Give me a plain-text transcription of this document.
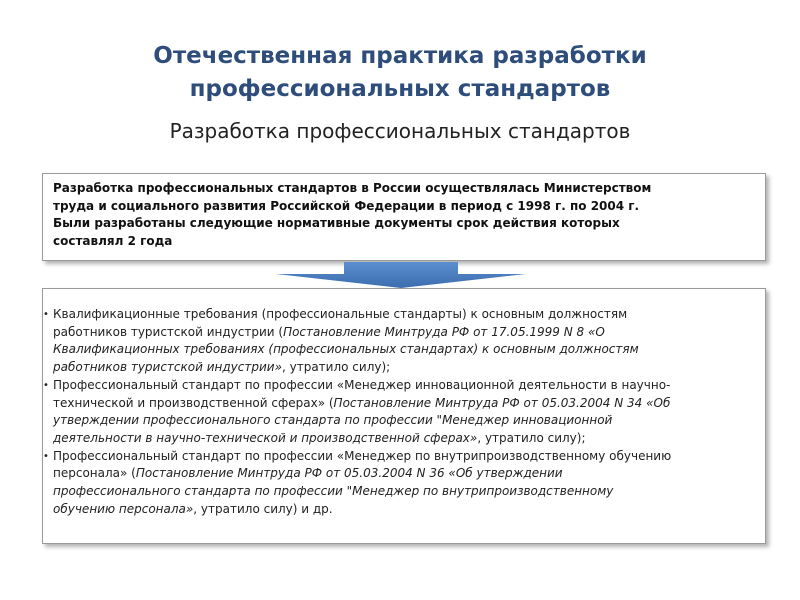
Отечественная практика разработки
профессиональных стандартов
Разработка профессиональных стандартов

Разработка профессиональных стандартов в России осуществлялась Министерством

труда и социального развития Российской Федерации в период с 1998 г. по 2004 г.

Были разработаны следующие нормативные документы срок действия которых

составлял 2 года

• Квалификационные требования (профессиональные стандарты) к основным должностям
работников туристской индустрии (Постановление Минтруда РФ от 17.05.1999 N 8 «О
Квалификационных требованиях (профессиональных стандартах) к основным должностям
работников туристской индустрии», утратило силу);
• Профессиональный стандарт по профессии «Менеджер инновационной деятельности в научно-
технической и производственной сферах» (Постановление Минтруда РФ от 05.03.2004 N 34 «Об
утверждении профессионального стандарта по профессии "Менеджер инновационной
деятельности в научно-технической и производственной сферах», утратило силу);
• Профессиональный стандарт по профессии «Менеджер по внутрипроизводственному обучению
персонала» (Постановление Минтруда РФ от 05.03.2004 N 36 «Об утверждении
профессионального стандарта по профессии "Менеджер по внутрипроизводственному
обучению персонала», утратило силу) и др.
